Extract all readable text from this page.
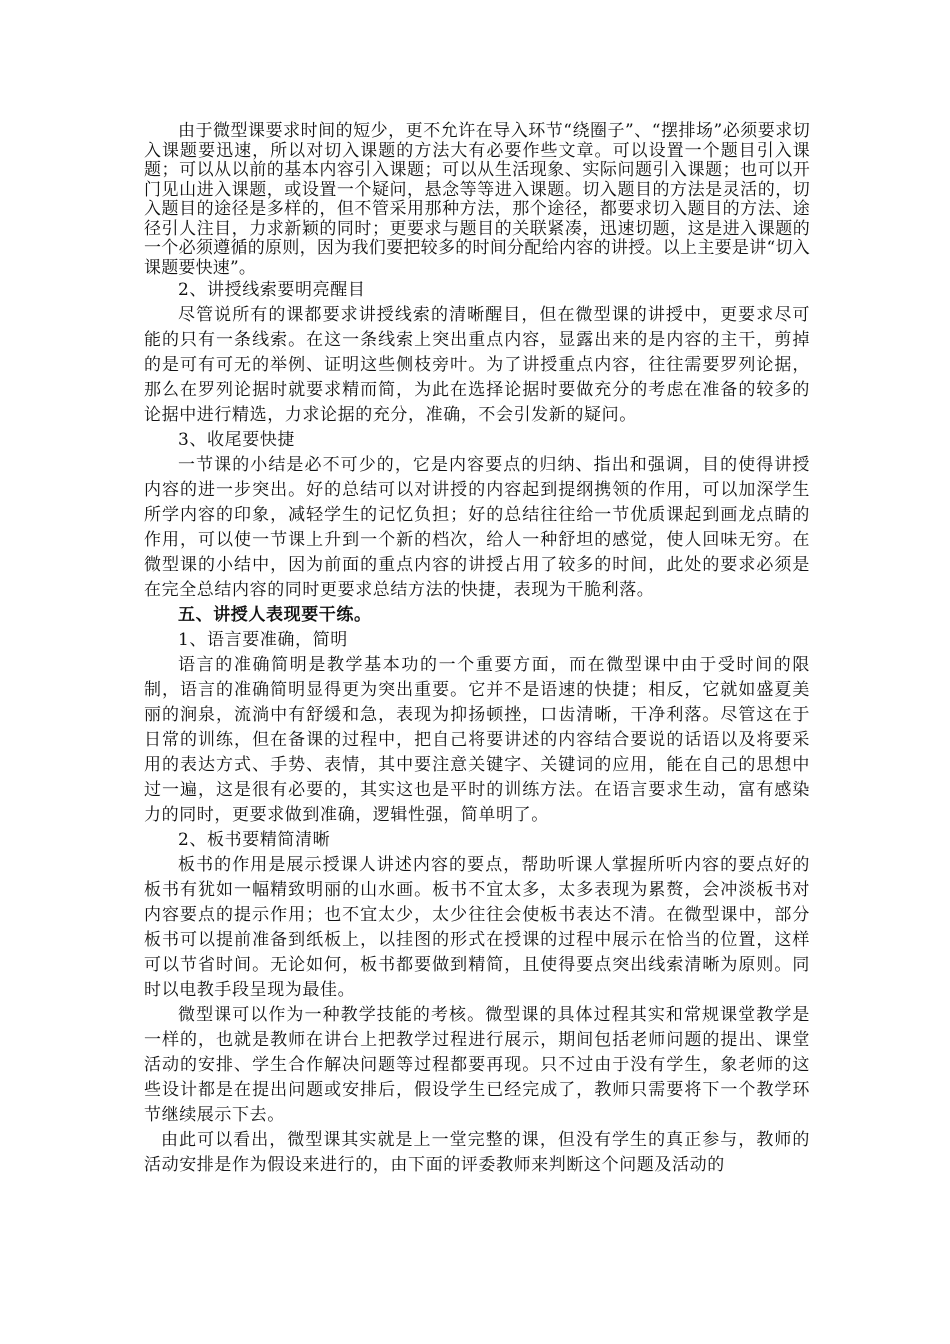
由于微型课要求时间的短少，更不允许在导入环节“绕圈子”、“摆排场”必须要求切入课题要迅速，所以对切入课题的方法大有必要作些文章。可以设置一个题目引入课题；可以从以前的基本内容引入课题；可以从生活现象、实际问题引入课题；也可以开门见山进入课题，或设置一个疑问，悬念等等进入课题。切入题目的方法是灵活的，切入题目的途径是多样的，但不管采用那种方法，那个途径，都要求切入题目的方法、途径引人注目，力求新颖的同时；更要求与题目的关联紧凑，迅速切题，这是进入课题的一个必须遵循的原则，因为我们要把较多的时间分配给内容的讲授。以上主要是讲“切入课题要快速”。

2、讲授线索要明亮醒目

尽管说所有的课都要求讲授线索的清晰醒目，但在微型课的讲授中，更要求尽可能的只有一条线索。在这一条线索上突出重点内容，显露出来的是内容的主干，剪掉的是可有可无的举例、证明这些侧枝旁叶。为了讲授重点内容，往往需要罗列论据，那么在罗列论据时就要求精而简，为此在选择论据时要做充分的考虑在准备的较多的论据中进行精选，力求论据的充分，准确，不会引发新的疑问。

3、收尾要快捷

一节课的小结是必不可少的，它是内容要点的归纳、指出和强调，目的使得讲授内容的进一步突出。好的总结可以对讲授的内容起到提纲携领的作用，可以加深学生所学内容的印象，减轻学生的记忆负担；好的总结往往给一节优质课起到画龙点睛的作用，可以使一节课上升到一个新的档次，给人一种舒坦的感觉，使人回味无穷。在微型课的小结中，因为前面的重点内容的讲授占用了较多的时间，此处的要求必须是在完全总结内容的同时更要求总结方法的快捷，表现为干脆利落。

五、讲授人表现要干练。

1、语言要准确，简明

语言的准确简明是教学基本功的一个重要方面，而在微型课中由于受时间的限制，语言的准确简明显得更为突出重要。它并不是语速的快捷；相反，它就如盛夏美丽的涧泉，流淌中有舒缓和急，表现为抑扬顿挫，口齿清晰，干净利落。尽管这在于日常的训练，但在备课的过程中，把自己将要讲述的内容结合要说的话语以及将要采用的表达方式、手势、表情，其中要注意关键字、关键词的应用，能在自己的思想中过一遍，这是很有必要的，其实这也是平时的训练方法。在语言要求生动，富有感染力的同时，更要求做到准确，逻辑性强，简单明了。

2、板书要精简清晰

板书的作用是展示授课人讲述内容的要点，帮助听课人掌握所听内容的要点好的板书有犹如一幅精致明丽的山水画。板书不宜太多，太多表现为累赘，会冲淡板书对内容要点的提示作用；也不宜太少，太少往往会使板书表达不清。在微型课中，部分板书可以提前准备到纸板上，以挂图的形式在授课的过程中展示在恰当的位置，这样可以节省时间。无论如何，板书都要做到精简，且使得要点突出线索清晰为原则。同时以电教手段呈现为最佳。

微型课可以作为一种教学技能的考核。微型课的具体过程其实和常规课堂教学是一样的，也就是教师在讲台上把教学过程进行展示，期间包括老师问题的提出、课堂活动的安排、学生合作解决问题等过程都要再现。只不过由于没有学生，象老师的这些设计都是在提出问题或安排后，假设学生已经完成了，教师只需要将下一个教学环节继续展示下去。

由此可以看出，微型课其实就是上一堂完整的课，但没有学生的真正参与，教师的活动安排是作为假设来进行的，由下面的评委教师来判断这个问题及活动的
